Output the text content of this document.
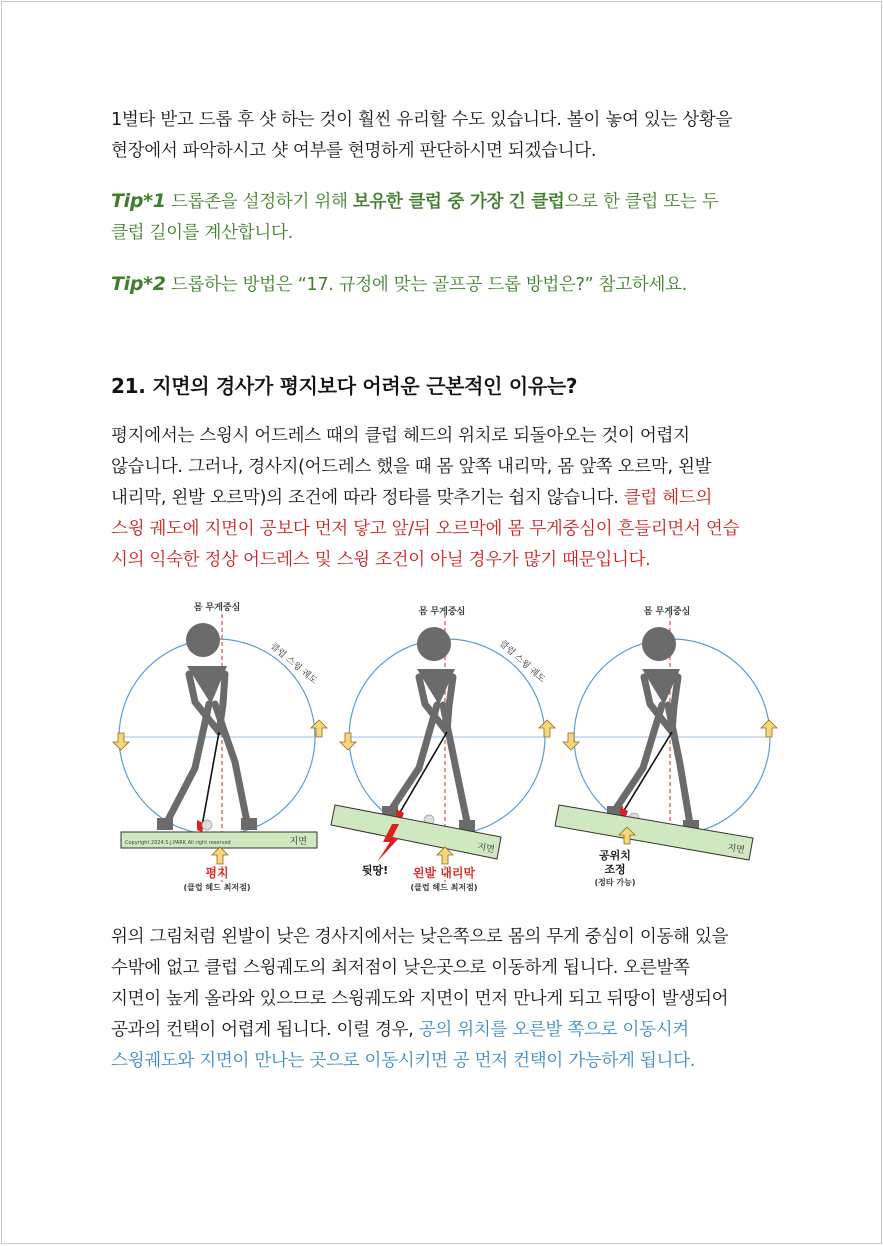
1벌타 받고 드롭 후 샷 하는 것이 훨씬 유리할 수도 있습니다. 볼이 놓여 있는 상황을
현장에서 파악하시고 샷 여부를 현명하게 판단하시면 되겠습니다.

Tip*1 드롭존을 설정하기 위해 보유한 클럽 중 가장 긴 클럽으로 한 클럽 또는 두
클럽 길이를 계산합니다.

Tip*2 드롭하는 방법은 “17. 규정에 맞는 골프공 드롭 방법은?” 참고하세요.

21. 지면의 경사가 평지보다 어려운 근본적인 이유는?

평지에서는 스윙시 어드레스 때의 클럽 헤드의 위치로 되돌아오는 것이 어렵지
않습니다. 그러나, 경사지(어드레스 했을 때 몸 앞쪽 내리막, 몸 앞쪽 오르막, 왼발
내리막, 왼발 오르막)의 조건에 따라 정타를 맞추기는 쉽지 않습니다. 클럽 헤드의
스윙 궤도에 지면이 공보다 먼저 닿고 앞/뒤 오르막에 몸 무게중심이 흔들리면서 연습
시의 익숙한 정상 어드레스 및 스윙 조건이 아닐 경우가 많기 때문입니다.

몸 무게중심
클럽 스윙 궤도
Copyright 2024.S.J.PARK All right reserved	지면
평지
(클럽 헤드 최저점)
몸 무게중심
클럽 스윙 궤도
지면
뒷땅! 왼발 내리막
(클럽 헤드 최저점)
몸 무게중심
지면
공위치
조정
(정타 가능)

위의 그림처럼 왼발이 낮은 경사지에서는 낮은쪽으로 몸의 무게 중심이 이동해 있을
수밖에 없고 클럽 스윙궤도의 최저점이 낮은곳으로 이동하게 됩니다. 오른발쪽
지면이 높게 올라와 있으므로 스윙궤도와 지면이 먼저 만나게 되고 뒤땅이 발생되어
공과의 컨택이 어렵게 됩니다. 이럴 경우, 공의 위치를 오른발 쪽으로 이동시켜
스윙궤도와 지면이 만나는 곳으로 이동시키면 공 먼저 컨택이 가능하게 됩니다.
